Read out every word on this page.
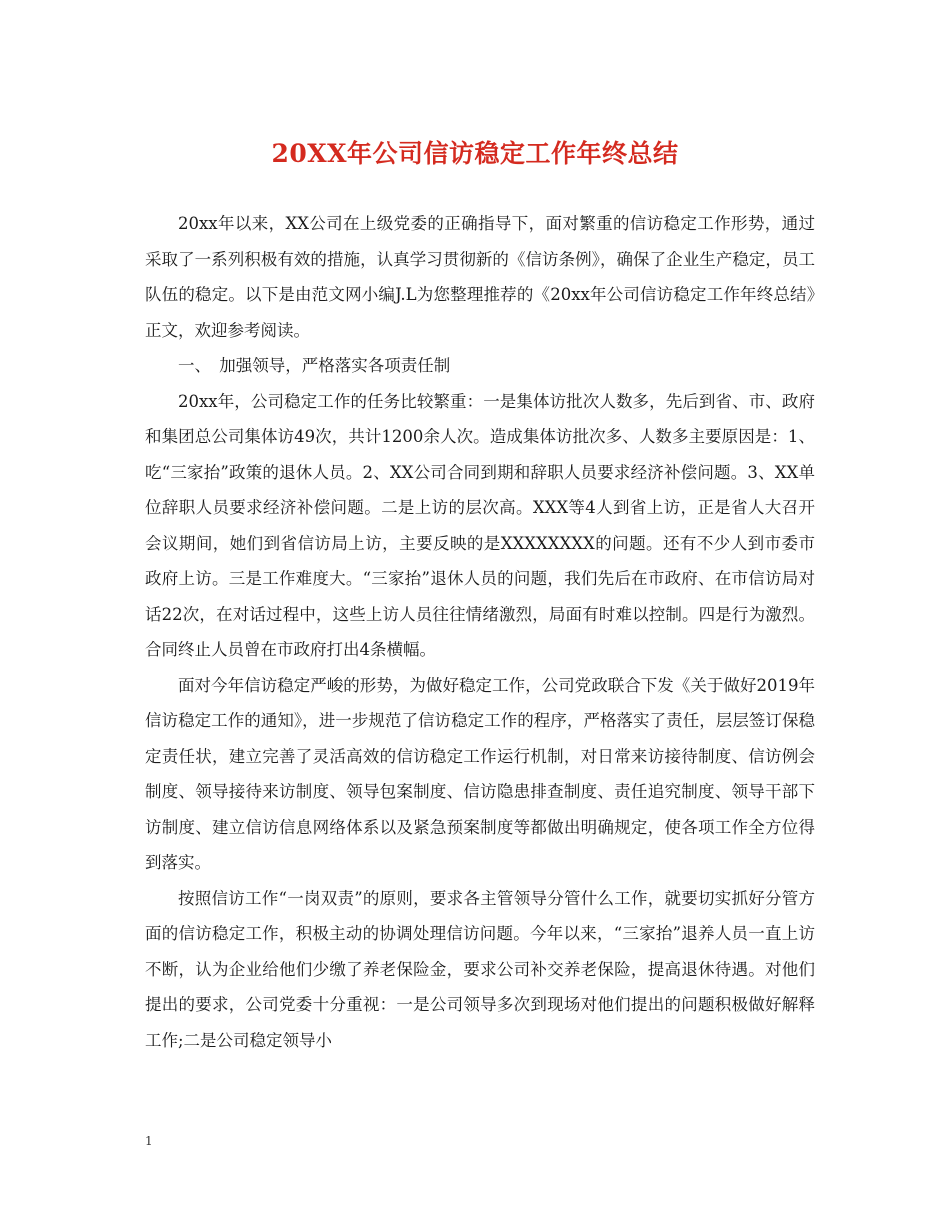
20XX年公司信访稳定工作年终总结

20xx年以来，XX公司在上级党委的正确指导下，面对繁重的信访稳定工作形势，通过采取了一系列积极有效的措施，认真学习贯彻新的《信访条例》，确保了企业生产稳定，员工队伍的稳定。以下是由范文网小编J.L为您整理推荐的《20xx年公司信访稳定工作年终总结》正文，欢迎参考阅读。

一、　加强领导，严格落实各项责任制

20xx年，公司稳定工作的任务比较繁重：一是集体访批次人数多，先后到省、市、政府和集团总公司集体访49次，共计1200余人次。造成集体访批次多、人数多主要原因是：1、吃“三家抬”政策的退休人员。2、XX公司合同到期和辞职人员要求经济补偿问题。3、XX单位辞职人员要求经济补偿问题。二是上访的层次高。XXX等4人到省上访，正是省人大召开会议期间，她们到省信访局上访，主要反映的是XXXXXXXX的问题。还有不少人到市委市政府上访。三是工作难度大。“三家抬”退休人员的问题，我们先后在市政府、在市信访局对话22次，在对话过程中，这些上访人员往往情绪激烈，局面有时难以控制。四是行为激烈。合同终止人员曾在市政府打出4条横幅。

面对今年信访稳定严峻的形势，为做好稳定工作，公司党政联合下发《关于做好2019年信访稳定工作的通知》，进一步规范了信访稳定工作的程序，严格落实了责任，层层签订保稳定责任状，建立完善了灵活高效的信访稳定工作运行机制，对日常来访接待制度、信访例会制度、领导接待来访制度、领导包案制度、信访隐患排查制度、责任追究制度、领导干部下访制度、建立信访信息网络体系以及紧急预案制度等都做出明确规定，使各项工作全方位得到落实。

按照信访工作“一岗双责”的原则，要求各主管领导分管什么工作，就要切实抓好分管方面的信访稳定工作，积极主动的协调处理信访问题。今年以来，“三家抬”退养人员一直上访不断，认为企业给他们少缴了养老保险金，要求公司补交养老保险，提高退休待遇。对他们提出的要求，公司党委十分重视：一是公司领导多次到现场对他们提出的问题积极做好解释工作;二是公司稳定领导小

1
